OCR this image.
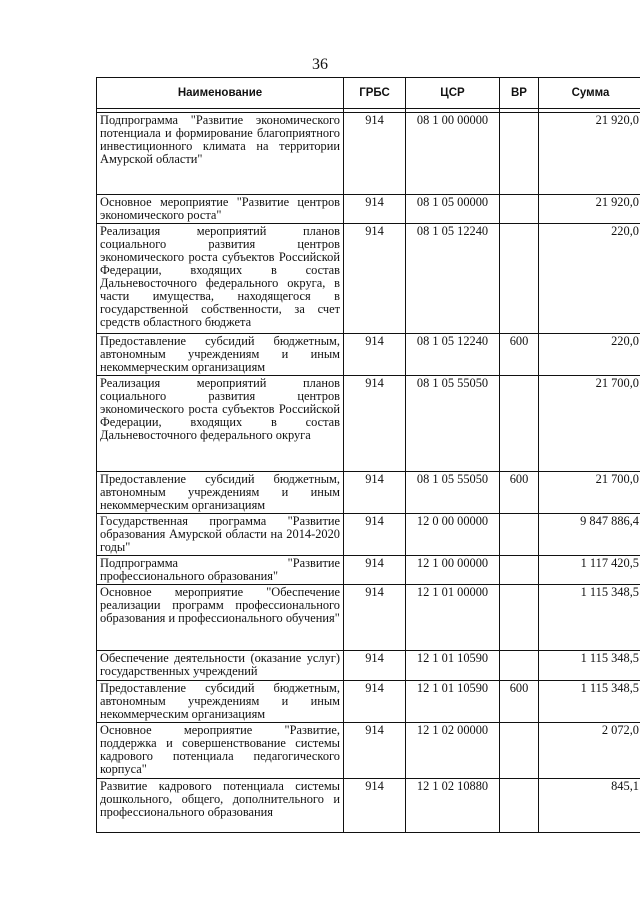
36
Наименование	ГРБС	ЦСР	ВР	Сумма

Подпрограмма "Развитие экономического потенциала и формирование благоприятного инвестиционного климата на территории Амурской области"	914	08 1 00 00000		21 920,0
Основное мероприятие "Развитие центров экономического роста"	914	08 1 05 00000		21 920,0
Реализация мероприятий планов социального развития центров экономического роста субъектов Российской Федерации, входящих в состав Дальневосточного федерального округа, в части имущества, находящегося в государственной собственности, за счет средств областного бюджета	914	08 1 05 12240		220,0
Предоставление субсидий бюджетным, автономным учреждениям и иным некоммерческим организациям	914	08 1 05 12240	600	220,0
Реализация мероприятий планов социального развития центров экономического роста субъектов Российской Федерации, входящих в состав Дальневосточного федерального округа	914	08 1 05 55050		21 700,0
Предоставление субсидий бюджетным, автономным учреждениям и иным некоммерческим организациям	914	08 1 05 55050	600	21 700,0
Государственная программа "Развитие образования Амурской области на 2014-2020 годы"	914	12 0 00 00000		9 847 886,4
Подпрограмма "Развитие профессионального образования"	914	12 1 00 00000		1 117 420,5
Основное мероприятие "Обеспечение реализации программ профессионального образования и профессионального обучения"	914	12 1 01 00000		1 115 348,5
Обеспечение деятельности (оказание услуг) государственных учреждений	914	12 1 01 10590		1 115 348,5
Предоставление субсидий бюджетным, автономным учреждениям и иным некоммерческим организациям	914	12 1 01 10590	600	1 115 348,5
Основное мероприятие "Развитие, поддержка и совершенствование системы кадрового потенциала педагогического корпуса"	914	12 1 02 00000		2 072,0
Развитие кадрового потенциала системы дошкольного, общего, дополнительного и профессионального образования	914	12 1 02 10880		845,1
